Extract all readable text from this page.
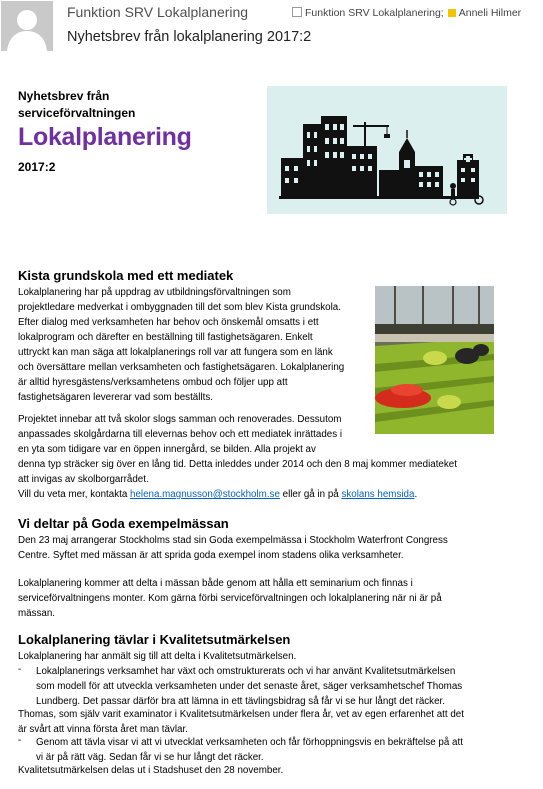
Funktion SRV Lokalplanering	Funktion SRV Lokalplanering; Anneli Hilmer
Nyhetsbrev från lokalplanering 2017:2
Nyhetsbrev från
serviceförvaltningen
Lokalplanering
2017:2
Kista grundskola med ett mediatek
Lokalplanering har på uppdrag av utbildningsförvaltningen som
projektledare medverkat i ombyggnaden till det som blev Kista grundskola.
Efter dialog med verksamheten har behov och önskemål omsatts i ett
lokalprogram och därefter en beställning till fastighetsägaren. Enkelt
uttryckt kan man säga att lokalplanerings roll var att fungera som en länk
och översättare mellan verksamheten och fastighetsägaren. Lokalplanering
är alltid hyresgästens/verksamhetens ombud och följer upp att
fastighetsägaren levererar vad som beställts.
Projektet innebar att två skolor slogs samman och renoverades. Dessutom
anpassades skolgårdarna till elevernas behov och ett mediatek inrättades i
en yta som tidigare var en öppen innergård, se bilden. Alla projekt av
denna typ sträcker sig över en lång tid. Detta inleddes under 2014 och den 8 maj kommer mediateket
att invigas av skolborgarrådet.
Vill du veta mer, kontakta helena.magnusson@stockholm.se eller gå in på skolans hemsida.
Vi deltar på Goda exempelmässan
Den 23 maj arrangerar Stockholms stad sin Goda exempelmässa i Stockholm Waterfront Congress
Centre. Syftet med mässan är att sprida goda exempel inom stadens olika verksamheter.
Lokalplanering kommer att delta i mässan både genom att hålla ett seminarium och finnas i
serviceförvaltningens monter. Kom gärna förbi serviceförvaltningen och lokalplanering när ni är på
mässan.
Lokalplanering tävlar i Kvalitetsutmärkelsen
Lokalplanering har anmält sig till att delta i Kvalitetsutmärkelsen.
- Lokalplanerings verksamhet har växt och omstrukturerats och vi har använt Kvalitetsutmärkelsen
som modell för att utveckla verksamheten under det senaste året, säger verksamhetschef Thomas
Lundberg. Det passar därför bra att lämna in ett tävlingsbidrag så får vi se hur långt det räcker.
Thomas, som själv varit examinator i Kvalitetsutmärkelsen under flera år, vet av egen erfarenhet att det
är svårt att vinna första året man tävlar.
- Genom att tävla visar vi att vi utvecklat verksamheten och får förhoppningsvis en bekräftelse på att
vi är på rätt väg. Sedan får vi se hur långt det räcker.
Kvalitetsutmärkelsen delas ut i Stadshuset den 28 november.
